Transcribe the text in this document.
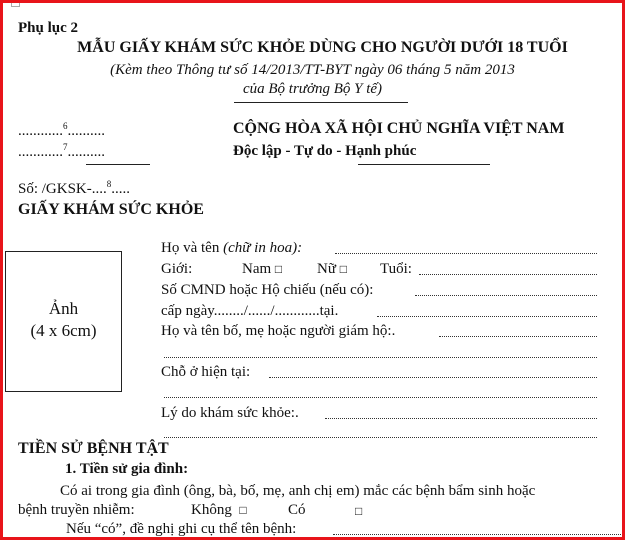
Phụ lục 2
MẪU GIẤY KHÁM SỨC KHỎE DÙNG CHO NGƯỜI DƯỚI 18 TUỔI
(Kèm theo Thông tư số 14/2013/TT-BYT ngày 06 tháng 5 năm 2013
của Bộ trưởng Bộ Y tế)
............$^6$..........
............$^7$..........
CỘNG HÒA XÃ HỘI CHỦ NGHĨA VIỆT NAM
Độc lập - Tự do - Hạnh phúc
Số: /GKSK-....$^8$.....
GIẤY KHÁM SỨC KHỎE
Ảnh
(4 x 6cm)
Họ và tên (chữ in hoa):
Giới:	Nam □ Nữ □ Tuổi:
Số CMND hoặc Hộ chiếu (nếu có):
cấp ngày......../....../............tại.
Họ và tên bố, mẹ hoặc người giám hộ:.
Chỗ ở hiện tại:
Lý do khám sức khỏe:.
TIỀN SỬ BỆNH TẬT
1. Tiền sử gia đình:
Có ai trong gia đình (ông, bà, bố, mẹ, anh chị em) mắc các bệnh bẩm sinh hoặc
bệnh truyền nhiễm:	Không □	Có	□
Nếu “có”, đề nghị ghi cụ thể tên bệnh:
